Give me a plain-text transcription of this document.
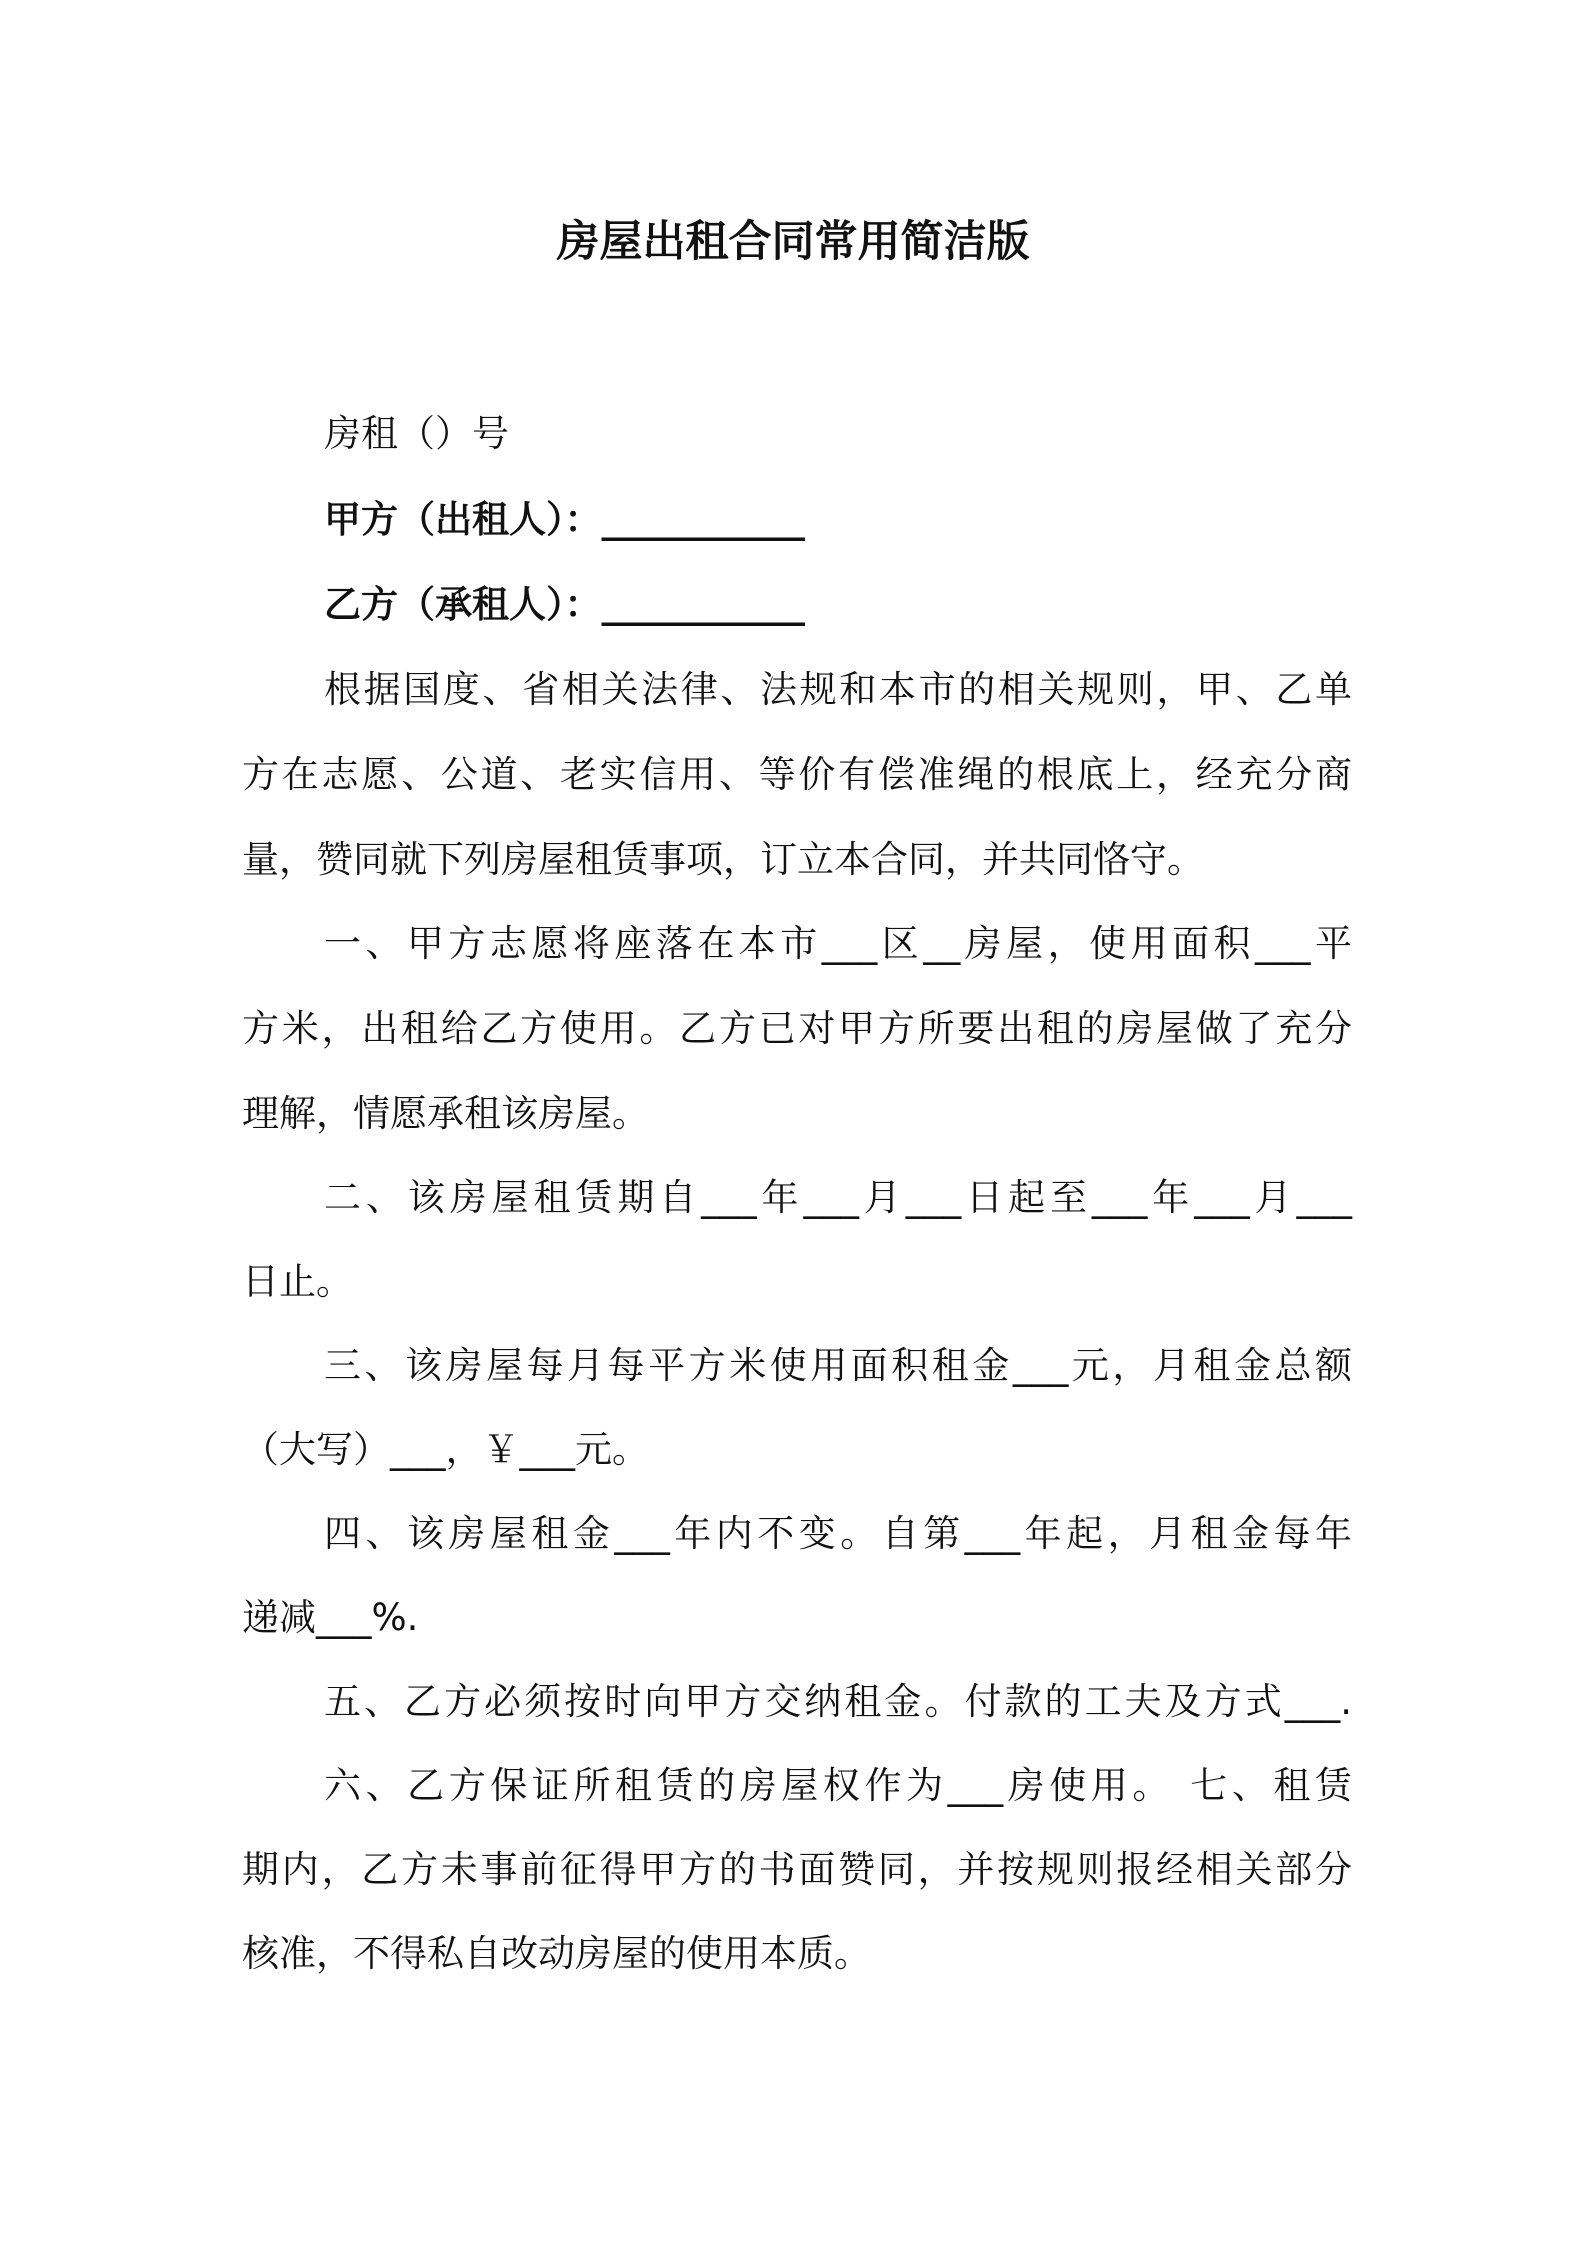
房屋出租合同常用简洁版
房租（）号
甲方（出租人）：___________
乙方（承租人）：___________
根据国度、省相关法律、法规和本市的相关规则，甲、乙单
方在志愿、公道、老实信用、等价有偿准绳的根底上，经充分商
量，赞同就下列房屋租赁事项，订立本合同，并共同恪守。
一、甲方志愿将座落在本市___区__房屋，使用面积___平
方米，出租给乙方使用。乙方已对甲方所要出租的房屋做了充分
理解，情愿承租该房屋。
二、该房屋租赁期自___年___月___日起至___年___月___
日止。
三、该房屋每月每平方米使用面积租金___元，月租金总额
（大写）___，￥___元。
四、该房屋租金___年内不变。自第___年起，月租金每年
递减___%.
五、乙方必须按时向甲方交纳租金。付款的工夫及方式___.
六、乙方保证所租赁的房屋权作为___房使用。 七、租赁
期内，乙方未事前征得甲方的书面赞同，并按规则报经相关部分
核准，不得私自改动房屋的使用本质。
